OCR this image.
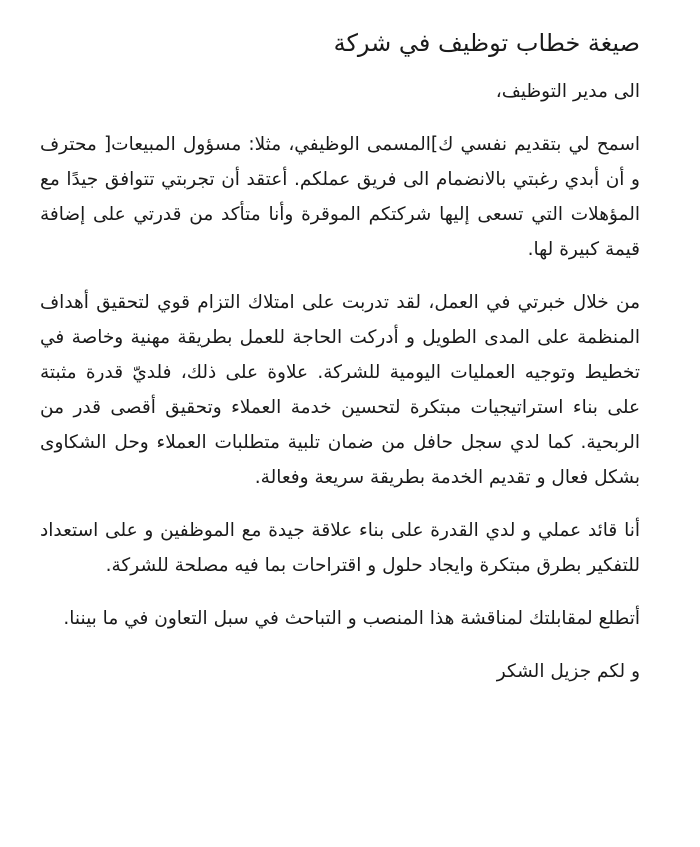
صيغة خطاب توظيف في شركة

الى مدير التوظيف،

اسمح لي بتقديم نفسي ك]المسمى الوظيفي، مثلا: مسؤول المبيعات[ محترف و أن أبدي رغبتي بالانضمام الى فريق عملكم. أعتقد أن تجربتي تتوافق جيدًا مع المؤهلات التي تسعى إليها شركتكم الموقرة وأنا متأكد من قدرتي على إضافة قيمة كبيرة لها.

من خلال خبرتي في العمل، لقد تدربت على امتلاك التزام قوي لتحقيق أهداف المنظمة على المدى الطويل و أدركت الحاجة للعمل بطريقة مهنية وخاصة في تخطيط وتوجيه العمليات اليومية للشركة. علاوة على ذلك، فلديّ قدرة مثبتة على بناء استراتيجيات مبتكرة لتحسين خدمة العملاء وتحقيق أقصى قدر من الربحية. كما لدي سجل حافل من ضمان تلبية متطلبات العملاء وحل الشكاوى بشكل فعال و تقديم الخدمة بطريقة سريعة وفعالة.

أنا قائد عملي و لدي القدرة على بناء علاقة جيدة مع الموظفين و على استعداد للتفكير بطرق مبتكرة وايجاد حلول و اقتراحات بما فيه مصلحة للشركة.

أتطلع لمقابلتك لمناقشة هذا المنصب و التباحث في سبل التعاون في ما بيننا.

و لكم جزيل الشكر
